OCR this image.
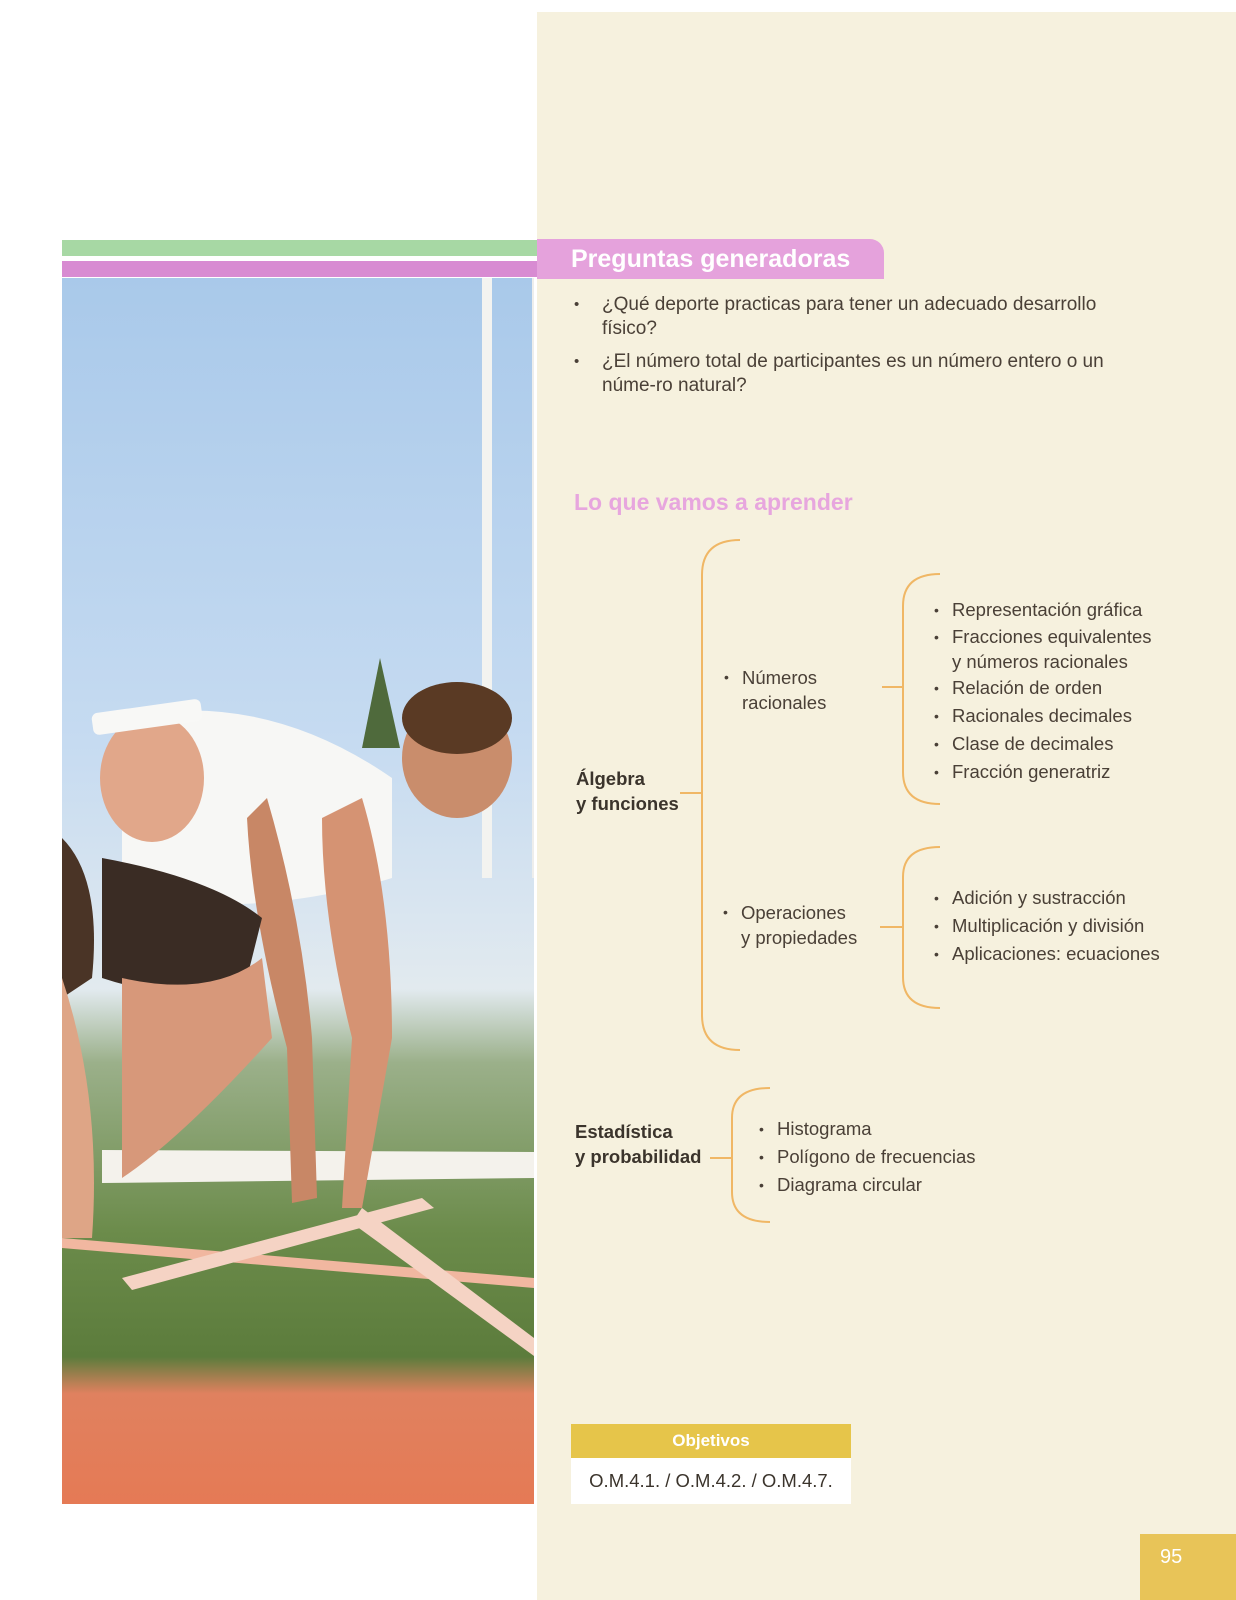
Preguntas generadoras
• ¿Qué deporte practicas para tener un adecuado desarrollo físico?
• ¿El número total de participantes es un número entero o un núme-ro natural?
Lo que vamos a aprender
Álgebra
y funciones
• Números
racionales
• Representación gráfica
• Fracciones equivalentes
y números racionales
• Relación de orden
• Racionales decimales
• Clase de decimales
• Fracción generatriz
• Operaciones
y propiedades
• Adición y sustracción
• Multiplicación y división
• Aplicaciones: ecuaciones
Estadística
y probabilidad
• Histograma
• Polígono de frecuencias
• Diagrama circular
Objetivos
O.M.4.1. / O.M.4.2. / O.M.4.7.
95
